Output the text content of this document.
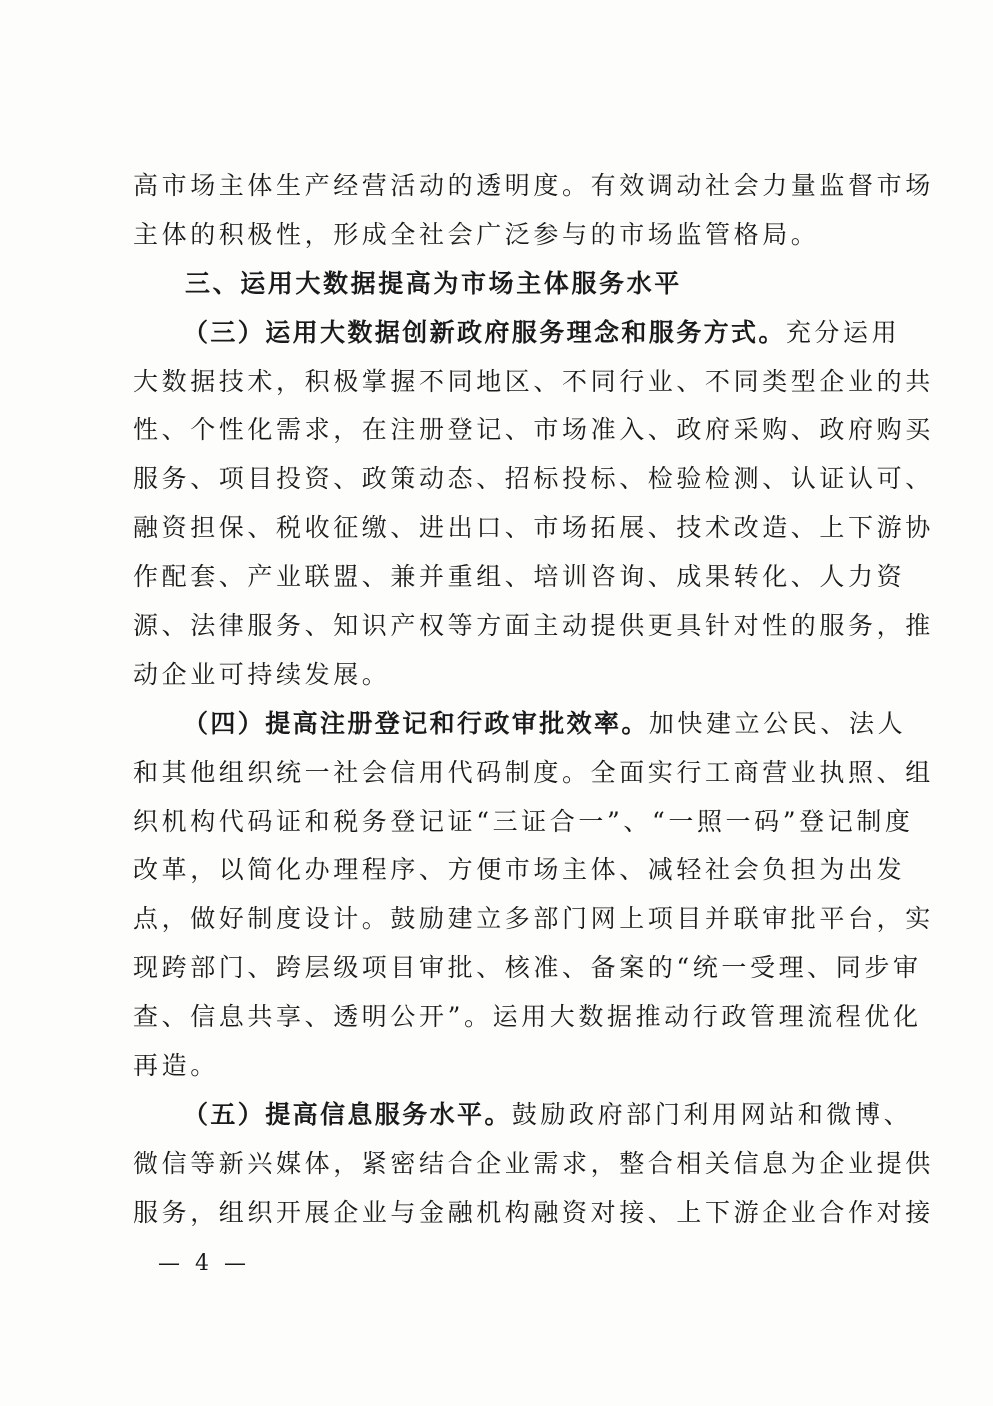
高市场主体生产经营活动的透明度。有效调动社会力量监督市场
主体的积极性，形成全社会广泛参与的市场监管格局。
三、运用大数据提高为市场主体服务水平
（三）运用大数据创新政府服务理念和服务方式。充分运用
大数据技术，积极掌握不同地区、不同行业、不同类型企业的共
性、个性化需求，在注册登记、市场准入、政府采购、政府购买
服务、项目投资、政策动态、招标投标、检验检测、认证认可、
融资担保、税收征缴、进出口、市场拓展、技术改造、上下游协
作配套、产业联盟、兼并重组、培训咨询、成果转化、人力资
源、法律服务、知识产权等方面主动提供更具针对性的服务，推
动企业可持续发展。
（四）提高注册登记和行政审批效率。加快建立公民、法人
和其他组织统一社会信用代码制度。全面实行工商营业执照、组
织机构代码证和税务登记证“三证合一”、“一照一码”登记制度
改革，以简化办理程序、方便市场主体、减轻社会负担为出发
点，做好制度设计。鼓励建立多部门网上项目并联审批平台，实
现跨部门、跨层级项目审批、核准、备案的“统一受理、同步审
查、信息共享、透明公开”。运用大数据推动行政管理流程优化
再造。
（五）提高信息服务水平。鼓励政府部门利用网站和微博、
微信等新兴媒体，紧密结合企业需求，整合相关信息为企业提供
服务，组织开展企业与金融机构融资对接、上下游企业合作对接
— 4 —
